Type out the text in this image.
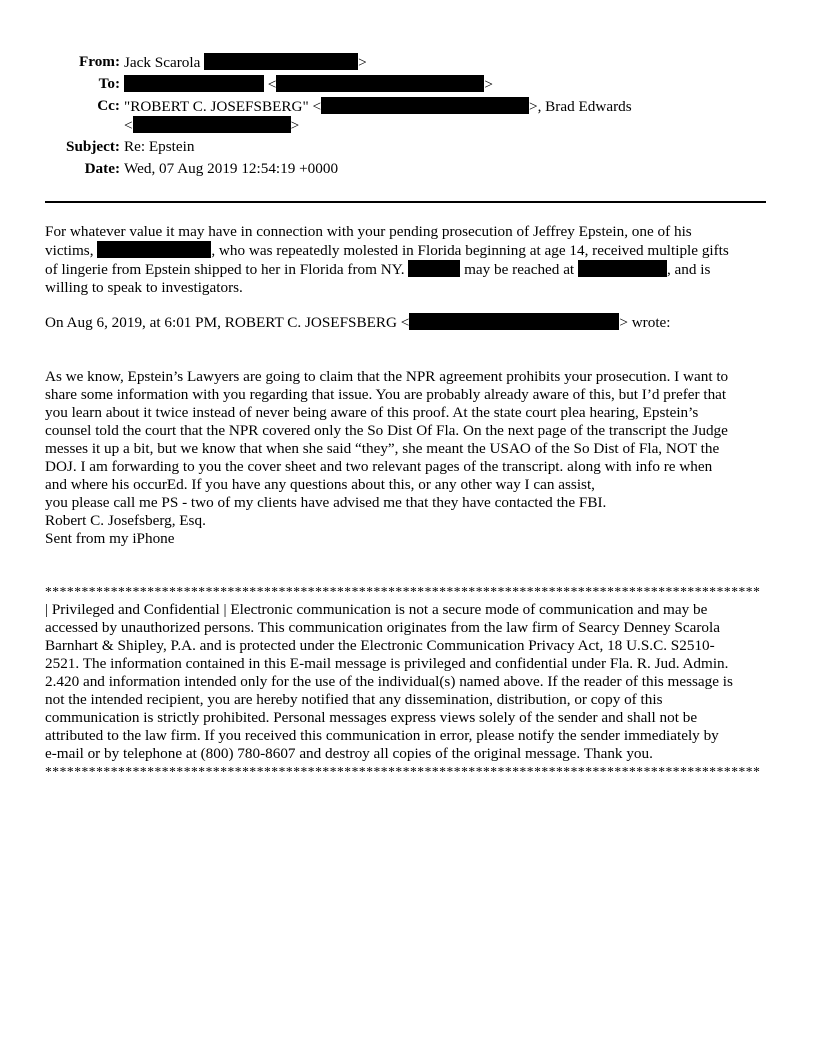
From: Jack Scarola	>
To:	<	>
Cc: "ROBERT C. JOSEFSBERG" <	>, Brad Edwards
<	>
Subject: Re: Epstein
Date: Wed, 07 Aug 2019 12:54:19 +0000
For whatever value it may have in connection with your pending prosecution of Jeffrey Epstein, one of his
victims,	, who was repeatedly molested in Florida beginning at age 14, received multiple gifts
of lingerie from Epstein shipped to her in Florida from NY.	may be reached at	, and is
willing to speak to investigators.
On Aug 6, 2019, at 6:01 PM, ROBERT C. JOSEFSBERG <	> wrote:
As we know, Epstein’s Lawyers are going to claim that the NPR agreement prohibits your prosecution. I want to
share some information with you regarding that issue. You are probably already aware of this, but I’d prefer that
you learn about it twice instead of never being aware of this proof. At the state court plea hearing, Epstein’s
counsel told the court that the NPR covered only the So Dist Of Fla. On the next page of the transcript the Judge
messes it up a bit, but we know that when she said “they”, she meant the USAO of the So Dist of Fla, NOT the
DOJ. I am forwarding to you the cover sheet and two relevant pages of the transcript. along with info re when
and where his occurEd. If you have any questions about this, or any other way I can assist,
you please call me PS - two of my clients have advised me that they have contacted the FBI.
Robert C. Josefsberg, Esq.
Sent from my iPhone
**************************************************************************************************
| Privileged and Confidential | Electronic communication is not a secure mode of communication and may be
accessed by unauthorized persons. This communication originates from the law firm of Searcy Denney Scarola
Barnhart & Shipley, P.A. and is protected under the Electronic Communication Privacy Act, 18 U.S.C. S2510-
2521. The information contained in this E-mail message is privileged and confidential under Fla. R. Jud. Admin.
2.420 and information intended only for the use of the individual(s) named above. If the reader of this message is
not the intended recipient, you are hereby notified that any dissemination, distribution, or copy of this
communication is strictly prohibited. Personal messages express views solely of the sender and shall not be
attributed to the law firm. If you received this communication in error, please notify the sender immediately by
e-mail or by telephone at (800) 780-8607 and destroy all copies of the original message. Thank you.
**************************************************************************************************
